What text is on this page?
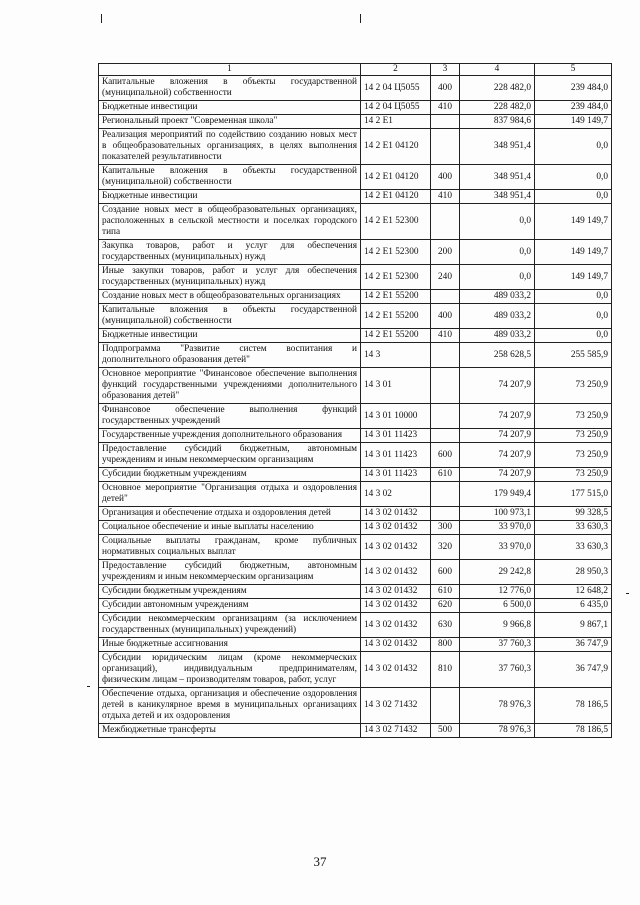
1	2	3	4	5
Капитальные вложения в объекты государственной (муниципальной) собственности	14 2 04 Ц5055	400	228 482,0	239 484,0
Бюджетные инвестиции	14 2 04 Ц5055	410	228 482,0	239 484,0
Региональный проект "Современная школа"	14 2 Е1		837 984,6	149 149,7
Реализация мероприятий по содействию созданию новых мест в общеобразовательных организациях, в целях выполнения показателей результативности	14 2 Е1 04120		348 951,4	0,0
Капитальные вложения в объекты государственной (муниципальной) собственности	14 2 Е1 04120	400	348 951,4	0,0
Бюджетные инвестиции	14 2 Е1 04120	410	348 951,4	0,0
Создание новых мест в общеобразовательных организациях, расположенных в сельской местности и поселках городского типа	14 2 Е1 52300		0,0	149 149,7
Закупка товаров, работ и услуг для обеспечения государственных (муниципальных) нужд	14 2 Е1 52300	200	0,0	149 149,7
Иные закупки товаров, работ и услуг для обеспечения государственных (муниципальных) нужд	14 2 Е1 52300	240	0,0	149 149,7
Создание новых мест в общеобразовательных организациях	14 2 Е1 55200		489 033,2	0,0
Капитальные вложения в объекты государственной (муниципальной) собственности	14 2 Е1 55200	400	489 033,2	0,0
Бюджетные инвестиции	14 2 Е1 55200	410	489 033,2	0,0
Подпрограмма "Развитие систем воспитания и дополнительного образования детей"	14 3		258 628,5	255 585,9
Основное мероприятие "Финансовое обеспечение выполнения функций государственными учреждениями дополнительного образования детей"	14 3 01		74 207,9	73 250,9
Финансовое обеспечение выполнения функций государственных учреждений	14 3 01 10000		74 207,9	73 250,9
Государственные учреждения дополнительного образования	14 3 01 11423		74 207,9	73 250,9
Предоставление субсидий бюджетным, автономным учреждениям и иным некоммерческим организациям	14 3 01 11423	600	74 207,9	73 250,9
Субсидии бюджетным учреждениям	14 3 01 11423	610	74 207,9	73 250,9
Основное мероприятие "Организация отдыха и оздоровления детей"	14 3 02		179 949,4	177 515,0
Организация и обеспечение отдыха и оздоровления детей	14 3 02 01432		100 973,1	99 328,5
Социальное обеспечение и иные выплаты населению	14 3 02 01432	300	33 970,0	33 630,3
Социальные выплаты гражданам, кроме публичных нормативных социальных выплат	14 3 02 01432	320	33 970,0	33 630,3
Предоставление субсидий бюджетным, автономным учреждениям и иным некоммерческим организациям	14 3 02 01432	600	29 242,8	28 950,3
Субсидии бюджетным учреждениям	14 3 02 01432	610	12 776,0	12 648,2
Субсидии автономным учреждениям	14 3 02 01432	620	6 500,0	6 435,0
Субсидии некоммерческим организациям (за исключением государственных (муниципальных) учреждений)	14 3 02 01432	630	9 966,8	9 867,1
Иные бюджетные ассигнования	14 3 02 01432	800	37 760,3	36 747,9
Субсидии юридическим лицам (кроме некоммерческих организаций), индивидуальным предпринимателям, физическим лицам – производителям товаров, работ, услуг	14 3 02 01432	810	37 760,3	36 747,9
Обеспечение отдыха, организация и обеспечение оздоровления детей в каникулярное время в муниципальных организациях отдыха детей и их оздоровления	14 3 02 71432		78 976,3	78 186,5
Межбюджетные трансферты	14 3 02 71432	500	78 976,3	78 186,5
37
